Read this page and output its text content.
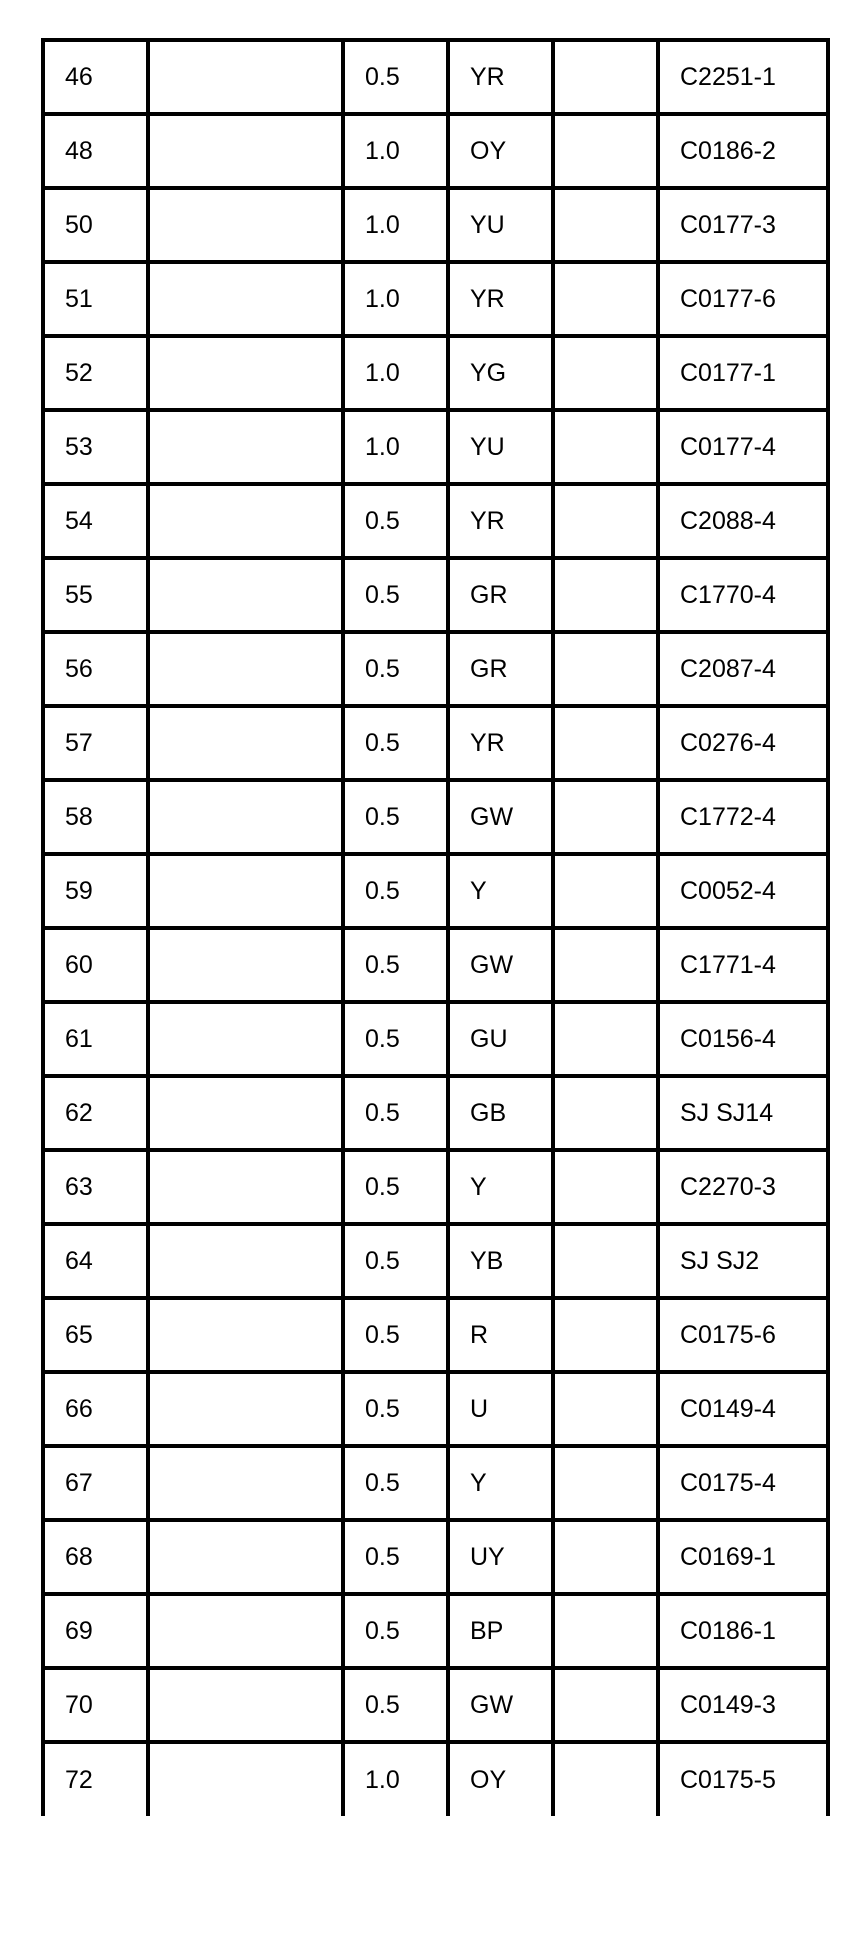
46		0.5	YR		C2251-1
48		1.0	OY		C0186-2
50		1.0	YU		C0177-3
51		1.0	YR		C0177-6
52		1.0	YG		C0177-1
53		1.0	YU		C0177-4
54		0.5	YR		C2088-4
55		0.5	GR		C1770-4
56		0.5	GR		C2087-4
57		0.5	YR		C0276-4
58		0.5	GW		C1772-4
59		0.5	Y		C0052-4
60		0.5	GW		C1771-4
61		0.5	GU		C0156-4
62		0.5	GB		SJ SJ14
63		0.5	Y		C2270-3
64		0.5	YB		SJ SJ2
65		0.5	R		C0175-6
66		0.5	U		C0149-4
67		0.5	Y		C0175-4
68		0.5	UY		C0169-1
69		0.5	BP		C0186-1
70		0.5	GW		C0149-3
72		1.0	OY		C0175-5
